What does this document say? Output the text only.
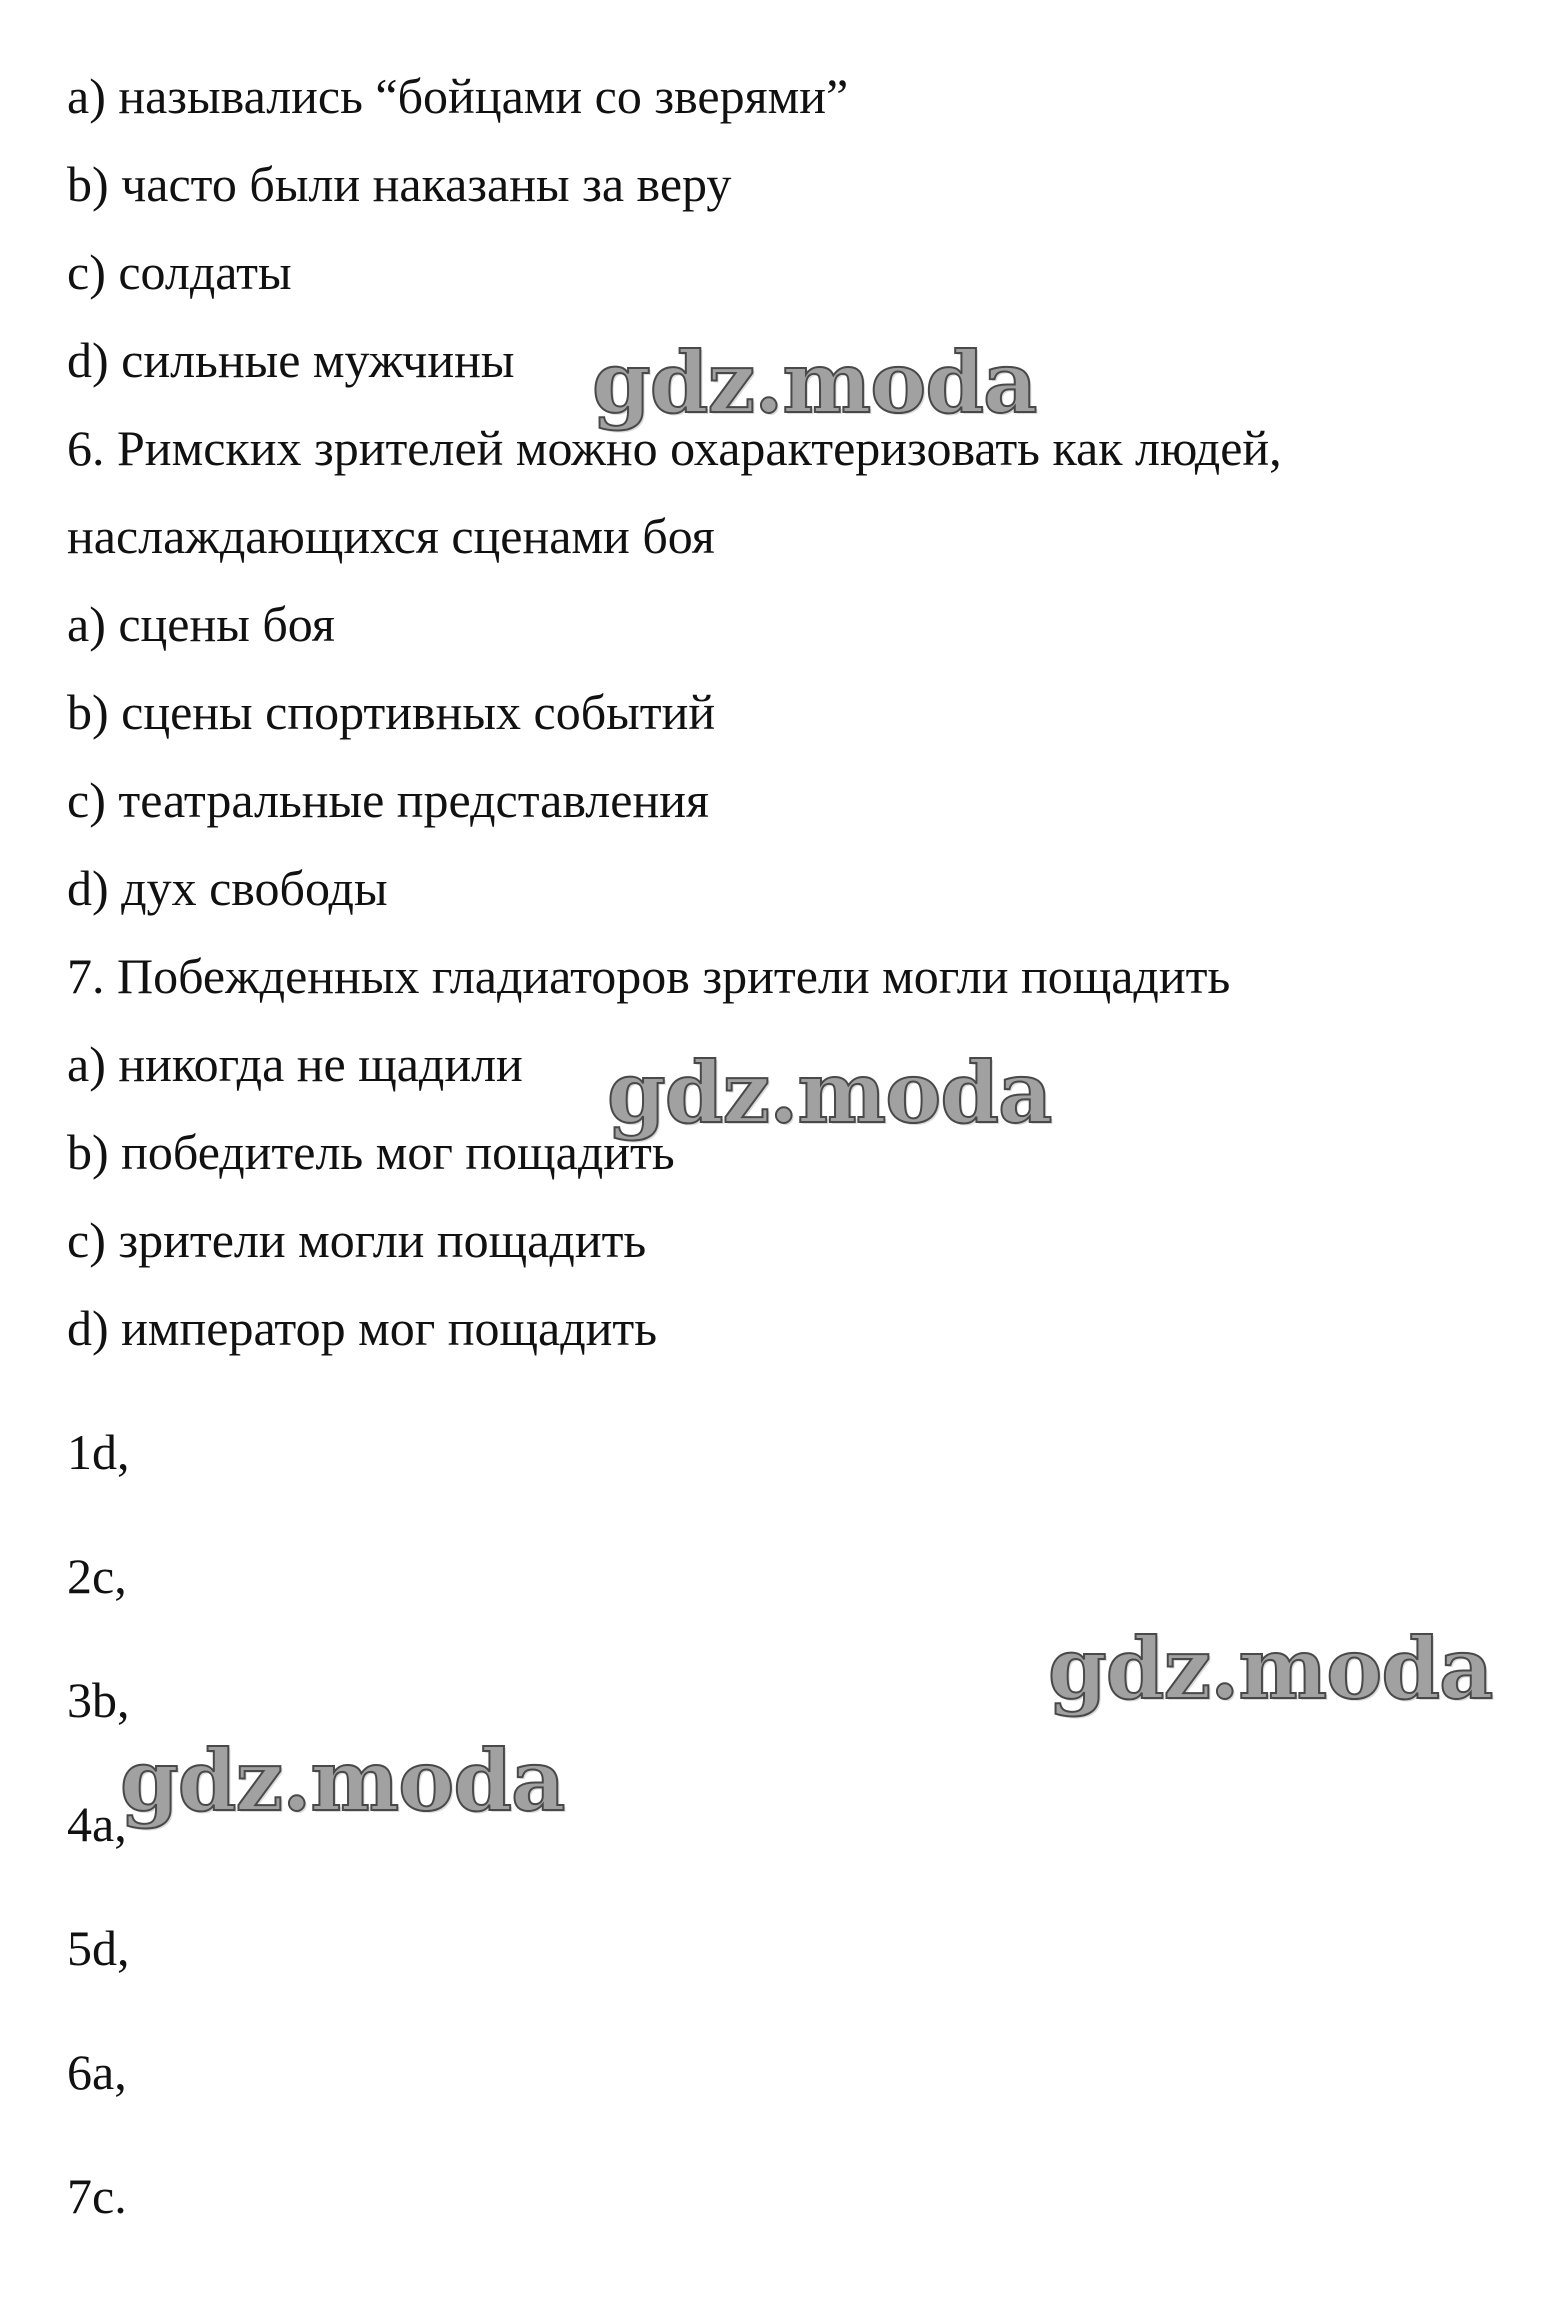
a) назывались “бойцами со зверями”
b) часто были наказаны за веру
c) солдаты
d) сильные мужчины
6. Римских зрителей можно охарактеризовать как людей,
наслаждающихся сценами боя
a) сцены боя
b) сцены спортивных событий
c) театральные представления
d) дух свободы
7. Побежденных гладиаторов зрители могли пощадить
a) никогда не щадили
b) победитель мог пощадить
c) зрители могли пощадить
d) император мог пощадить
1d,
2c,
3b,
4a,
5d,
6a,
7c.
gdz.moda
gdz.moda
gdz.moda
gdz.moda
